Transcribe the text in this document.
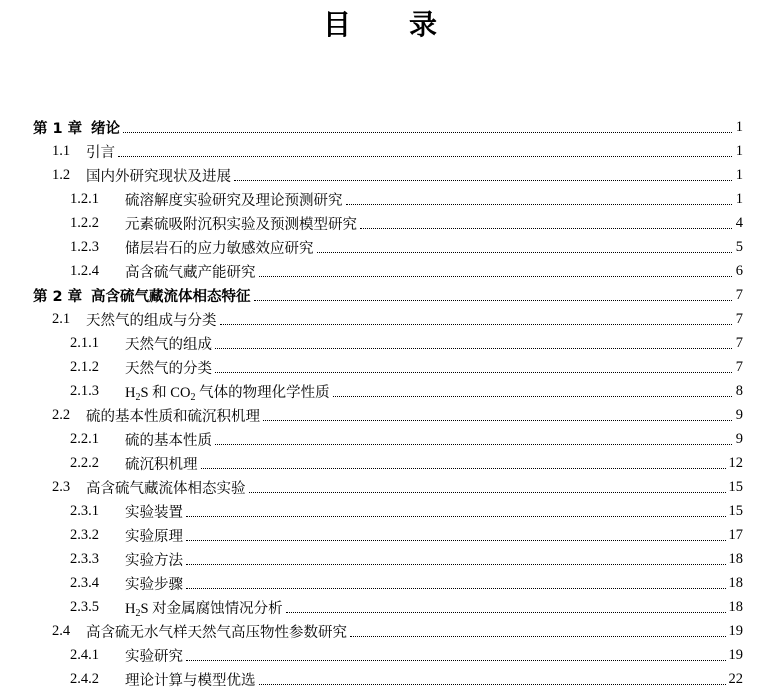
目 录
第 1 章 绪论	1
1.1	引言	1
1.2	国内外研究现状及进展	1
1.2.1	硫溶解度实验研究及理论预测研究	1
1.2.2	元素硫吸附沉积实验及预测模型研究	4
1.2.3	储层岩石的应力敏感效应研究	5
1.2.4	高含硫气藏产能研究	6
第 2 章 高含硫气藏流体相态特征	7
2.1	天然气的组成与分类	7
2.1.1	天然气的组成	7
2.1.2	天然气的分类	7
2.1.3	$H_2S$ 和 $CO_2$ 气体的物理化学性质	8
2.2	硫的基本性质和硫沉积机理	9
2.2.1	硫的基本性质	9
2.2.2	硫沉积机理	12
2.3	高含硫气藏流体相态实验	15
2.3.1	实验装置	15
2.3.2	实验原理	17
2.3.3	实验方法	18
2.3.4	实验步骤	18
2.3.5	$H_2S$ 对金属腐蚀情况分析	18
2.4	高含硫无水气样天然气高压物性参数研究	19
2.4.1	实验研究	19
2.4.2	理论计算与模型优选	22
